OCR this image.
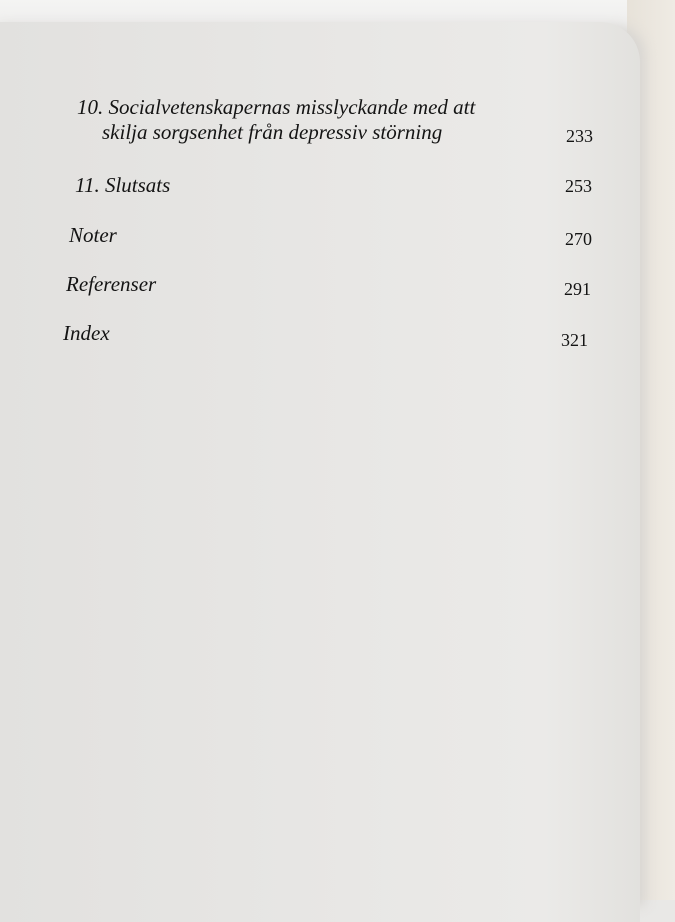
10. Socialvetenskapernas misslyckande med att
skilja sorgsenhet från depressiv störning	233
11. Slutsats	253
Noter	270
Referenser	291
Index	321
